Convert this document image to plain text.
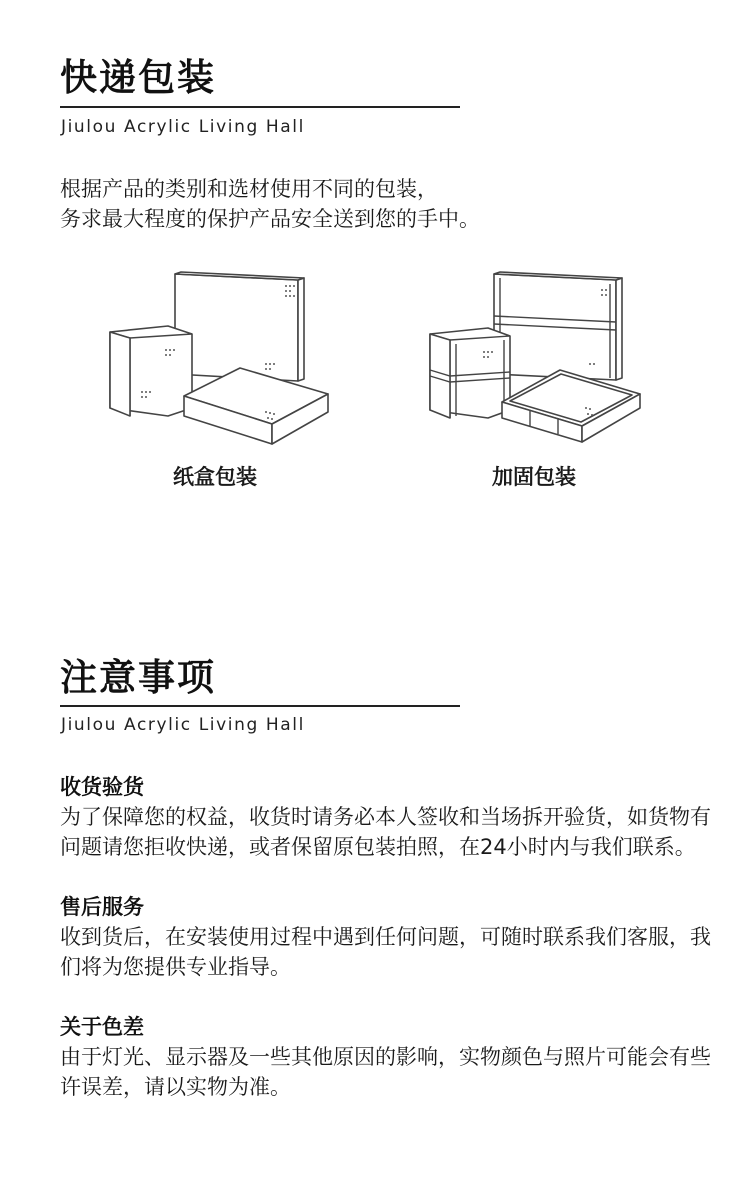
快递包装

Jiulou Acrylic Living Hall

根据产品的类别和选材使用不同的包装，

务求最大程度的保护产品安全送到您的手中。

纸盒包装	加固包装
注意事项

Jiulou Acrylic Living Hall

收货验货

为了保障您的权益，收货时请务必本人签收和当场拆开验货，如货物有问题请您拒收快递，或者保留原包装拍照，在24小时内与我们联系。

售后服务

收到货后，在安装使用过程中遇到任何问题，可随时联系我们客服，我们将为您提供专业指导。

关于色差

由于灯光、显示器及一些其他原因的影响，实物颜色与照片可能会有些许误差，请以实物为准。
